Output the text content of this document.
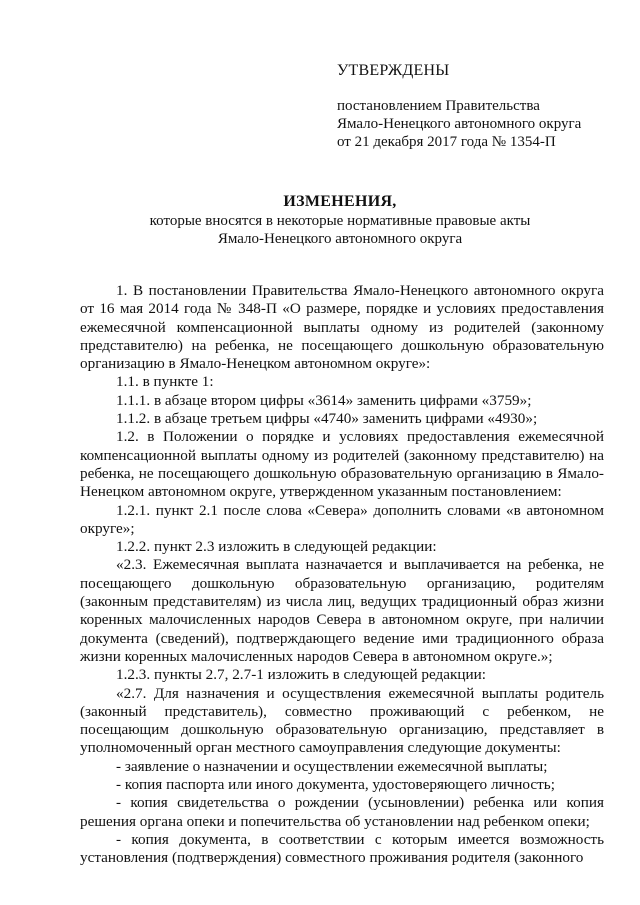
УТВЕРЖДЕНЫ
постановлением Правительства
Ямало-Ненецкого автономного округа
от 21 декабря 2017 года № 1354-П
ИЗМЕНЕНИЯ,
которые вносятся в некоторые нормативные правовые акты
Ямало-Ненецкого автономного округа

1. В постановлении Правительства Ямало-Ненецкого автономного округа от 16 мая 2014 года № 348-П «О размере, порядке и условиях предоставления ежемесячной компенсационной выплаты одному из родителей (законному представителю) на ребенка, не посещающего дошкольную образовательную организацию в Ямало-Ненецком автономном округе»:

1.1. в пункте 1:

1.1.1. в абзаце втором цифры «3614» заменить цифрами «3759»;

1.1.2. в абзаце третьем цифры «4740» заменить цифрами «4930»;

1.2. в Положении о порядке и условиях предоставления ежемесячной компенсационной выплаты одному из родителей (законному представителю) на ребенка, не посещающего дошкольную образовательную организацию в Ямало-Ненецком автономном округе, утвержденном указанным постановлением:

1.2.1. пункт 2.1 после слова «Севера» дополнить словами «в автономном округе»;

1.2.2. пункт 2.3 изложить в следующей редакции:

«2.3. Ежемесячная выплата назначается и выплачивается на ребенка, не посещающего дошкольную образовательную организацию, родителям (законным представителям) из числа лиц, ведущих традиционный образ жизни коренных малочисленных народов Севера в автономном округе, при наличии документа (сведений), подтверждающего ведение ими традиционного образа жизни коренных малочисленных народов Севера в автономном округе.»;

1.2.3. пункты 2.7, 2.7-1 изложить в следующей редакции:

«2.7. Для назначения и осуществления ежемесячной выплаты родитель (законный представитель), совместно проживающий с ребенком, не посещающим дошкольную образовательную организацию, представляет в уполномоченный орган местного самоуправления следующие документы:

- заявление о назначении и осуществлении ежемесячной выплаты;

- копия паспорта или иного документа, удостоверяющего личность;

- копия свидетельства о рождении (усыновлении) ребенка или копия решения органа опеки и попечительства об установлении над ребенком опеки;

- копия документа, в соответствии с которым имеется возможность установления (подтверждения) совместного проживания родителя (законного
